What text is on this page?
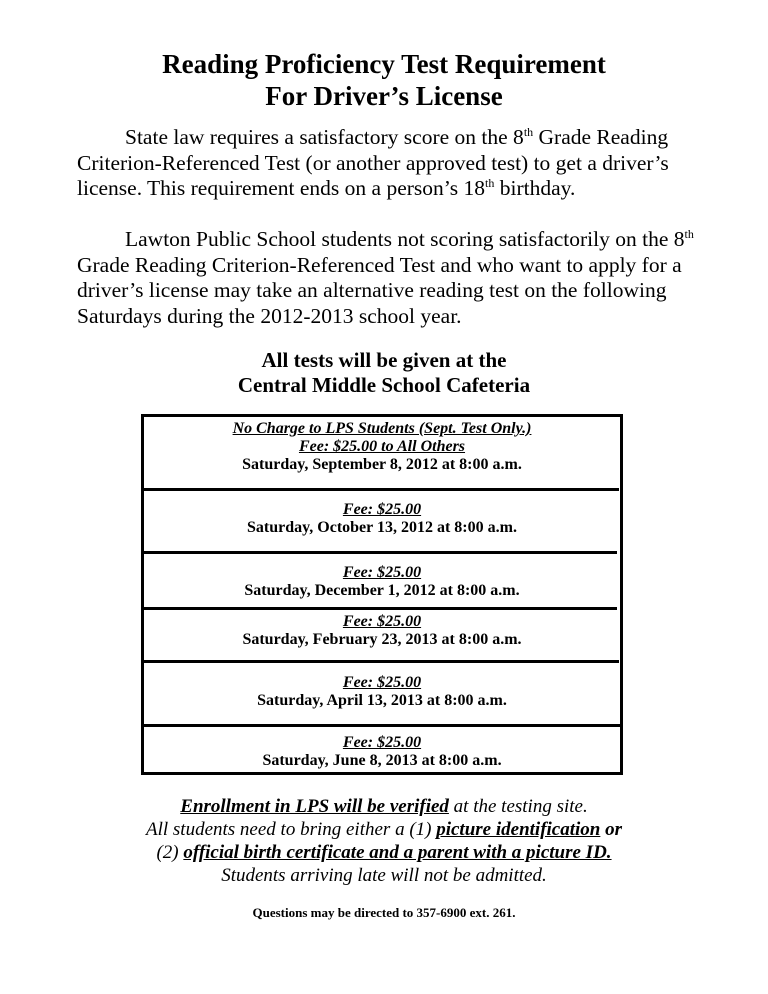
Reading Proficiency Test Requirement
For Driver’s License

State law requires a satisfactory score on the 8th Grade Reading Criterion-Referenced Test (or another approved test) to get a driver’s license. This requirement ends on a person’s 18th birthday.

Lawton Public School students not scoring satisfactorily on the 8th Grade Reading Criterion-Referenced Test and who want to apply for a driver’s license may take an alternative reading test on the following Saturdays during the 2012-2013 school year.

All tests will be given at the
Central Middle School Cafeteria
No Charge to LPS Students (Sept. Test Only.)
Fee: $25.00 to All Others
Saturday, September 8, 2012 at 8:00 a.m.
Fee: $25.00
Saturday, October 13, 2012 at 8:00 a.m.
Fee: $25.00
Saturday, December 1, 2012 at 8:00 a.m.
Fee: $25.00
Saturday, February 23, 2013 at 8:00 a.m.
Fee: $25.00
Saturday, April 13, 2013 at 8:00 a.m.
Fee: $25.00
Saturday, June 8, 2013 at 8:00 a.m.
Enrollment in LPS will be verified at the testing site.
All students need to bring either a (1) picture identification or
(2) official birth certificate and a parent with a picture ID.
Students arriving late will not be admitted.
Questions may be directed to 357-6900 ext. 261.
